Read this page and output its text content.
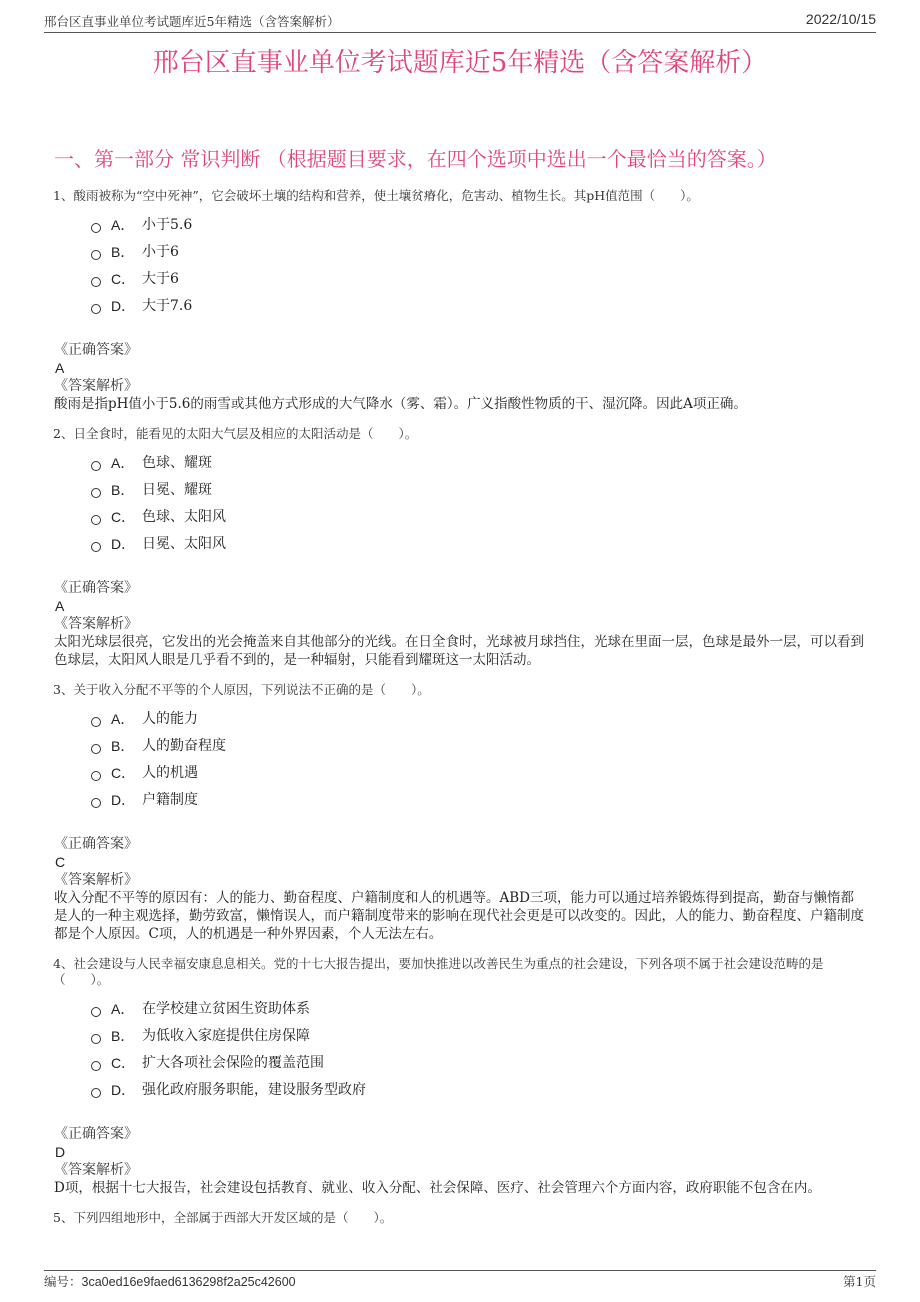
邢台区直事业单位考试题库近5年精选（含答案解析）	2022/10/15
邢台区直事业单位考试题库近5年精选（含答案解析）
一、第一部分 常识判断 （根据题目要求，在四个选项中选出一个最恰当的答案。）
1、酸雨被称为“空中死神”，它会破坏土壤的结构和营养，使土壤贫瘠化，危害动、植物生长。其pH值范围（　　）。
A． 小于5.6
B． 小于6
C． 大于6
D． 大于7.6
《正确答案》
A
《答案解析》
酸雨是指pH值小于5.6的雨雪或其他方式形成的大气降水（雾、霜）。广义指酸性物质的干、湿沉降。因此A项正确。
2、日全食时，能看见的太阳大气层及相应的太阳活动是（　　）。
A． 色球、耀斑
B． 日冕、耀斑
C． 色球、太阳风
D． 日冕、太阳风
《正确答案》
A
《答案解析》
太阳光球层很亮，它发出的光会掩盖来自其他部分的光线。在日全食时，光球被月球挡住，光球在里面一层，色球是最外一层，可以看到色球层，太阳风人眼是几乎看不到的，是一种辐射，只能看到耀斑这一太阳活动。
3、关于收入分配不平等的个人原因，下列说法不正确的是（　　）。
A． 人的能力
B． 人的勤奋程度
C． 人的机遇
D． 户籍制度
《正确答案》
C
《答案解析》
收入分配不平等的原因有：人的能力、勤奋程度、户籍制度和人的机遇等。ABD三项，能力可以通过培养锻炼得到提高，勤奋与懒惰都是人的一种主观选择，勤劳致富，懒惰误人，而户籍制度带来的影响在现代社会更是可以改变的。因此，人的能力、勤奋程度、户籍制度都是个人原因。C项，人的机遇是一种外界因素，个人无法左右。
4、社会建设与人民幸福安康息息相关。党的十七大报告提出，要加快推进以改善民生为重点的社会建设，下列各项不属于社会建设范畴的是（　　）。
A． 在学校建立贫困生资助体系
B． 为低收入家庭提供住房保障
C． 扩大各项社会保险的覆盖范围
D． 强化政府服务职能，建设服务型政府
《正确答案》
D
《答案解析》
D项，根据十七大报告，社会建设包括教育、就业、收入分配、社会保障、医疗、社会管理六个方面内容，政府职能不包含在内。
5、下列四组地形中，全部属于西部大开发区域的是（　　）。
编号：3ca0ed16e9faed6136298f2a25c42600	第1页
